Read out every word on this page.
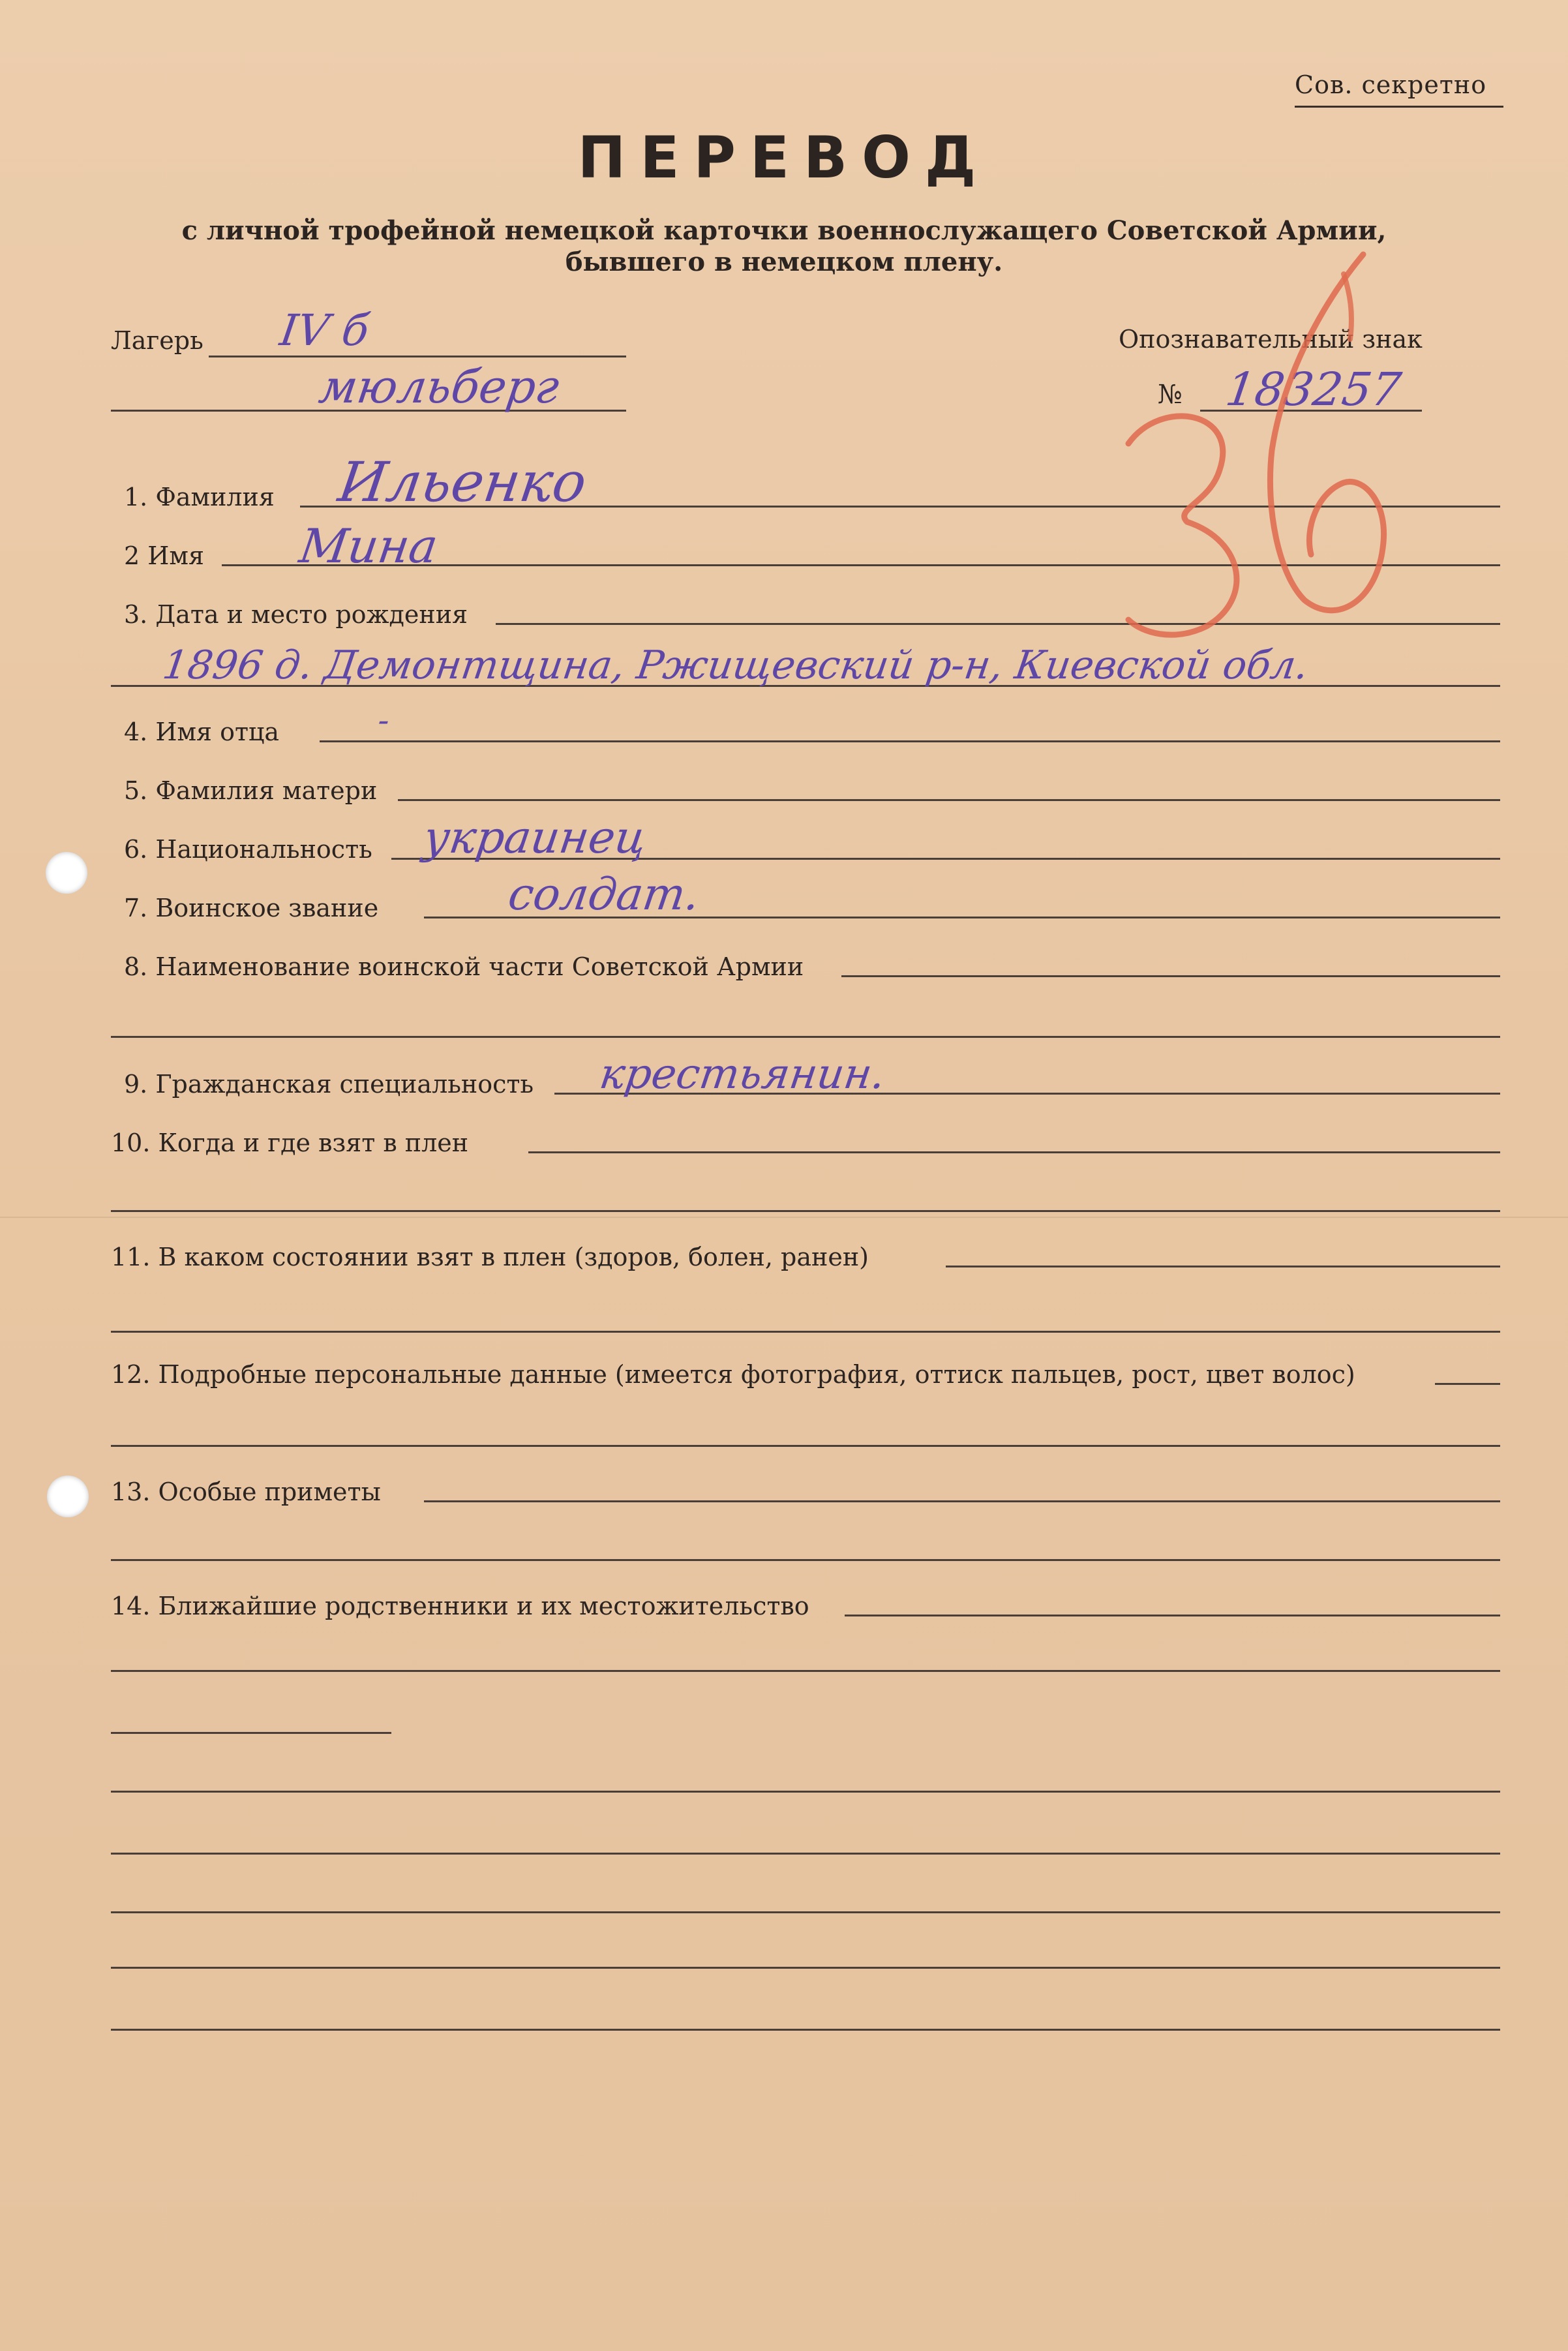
Сов. секретно
ПЕРЕВОД
с личной трофейной немецкой карточки военнослужащего Советской Армии,
бывшего в немецком плену.
Лагерь IV б
мюльберг
Опознавательный знак
№ 183257
1. Фамилия Ильенко
2 Имя Мина
3. Дата и место рождения
1896 д. Демонтщина, Ржищевский р-н, Киевской обл.
4. Имя отца	-
5. Фамилия матери
6. Национальность украинец
7. Воинское звание	солдат.
8. Наименование воинской части Советской Армии
9. Гражданская специальность крестьянин.
10. Когда и где взят в плен
11. В каком состоянии взят в плен (здоров, болен, ранен)
12. Подробные персональные данные (имеется фотография, оттиск пальцев, рост, цвет волос)
13. Особые приметы
14. Ближайшие родственники и их местожительство
